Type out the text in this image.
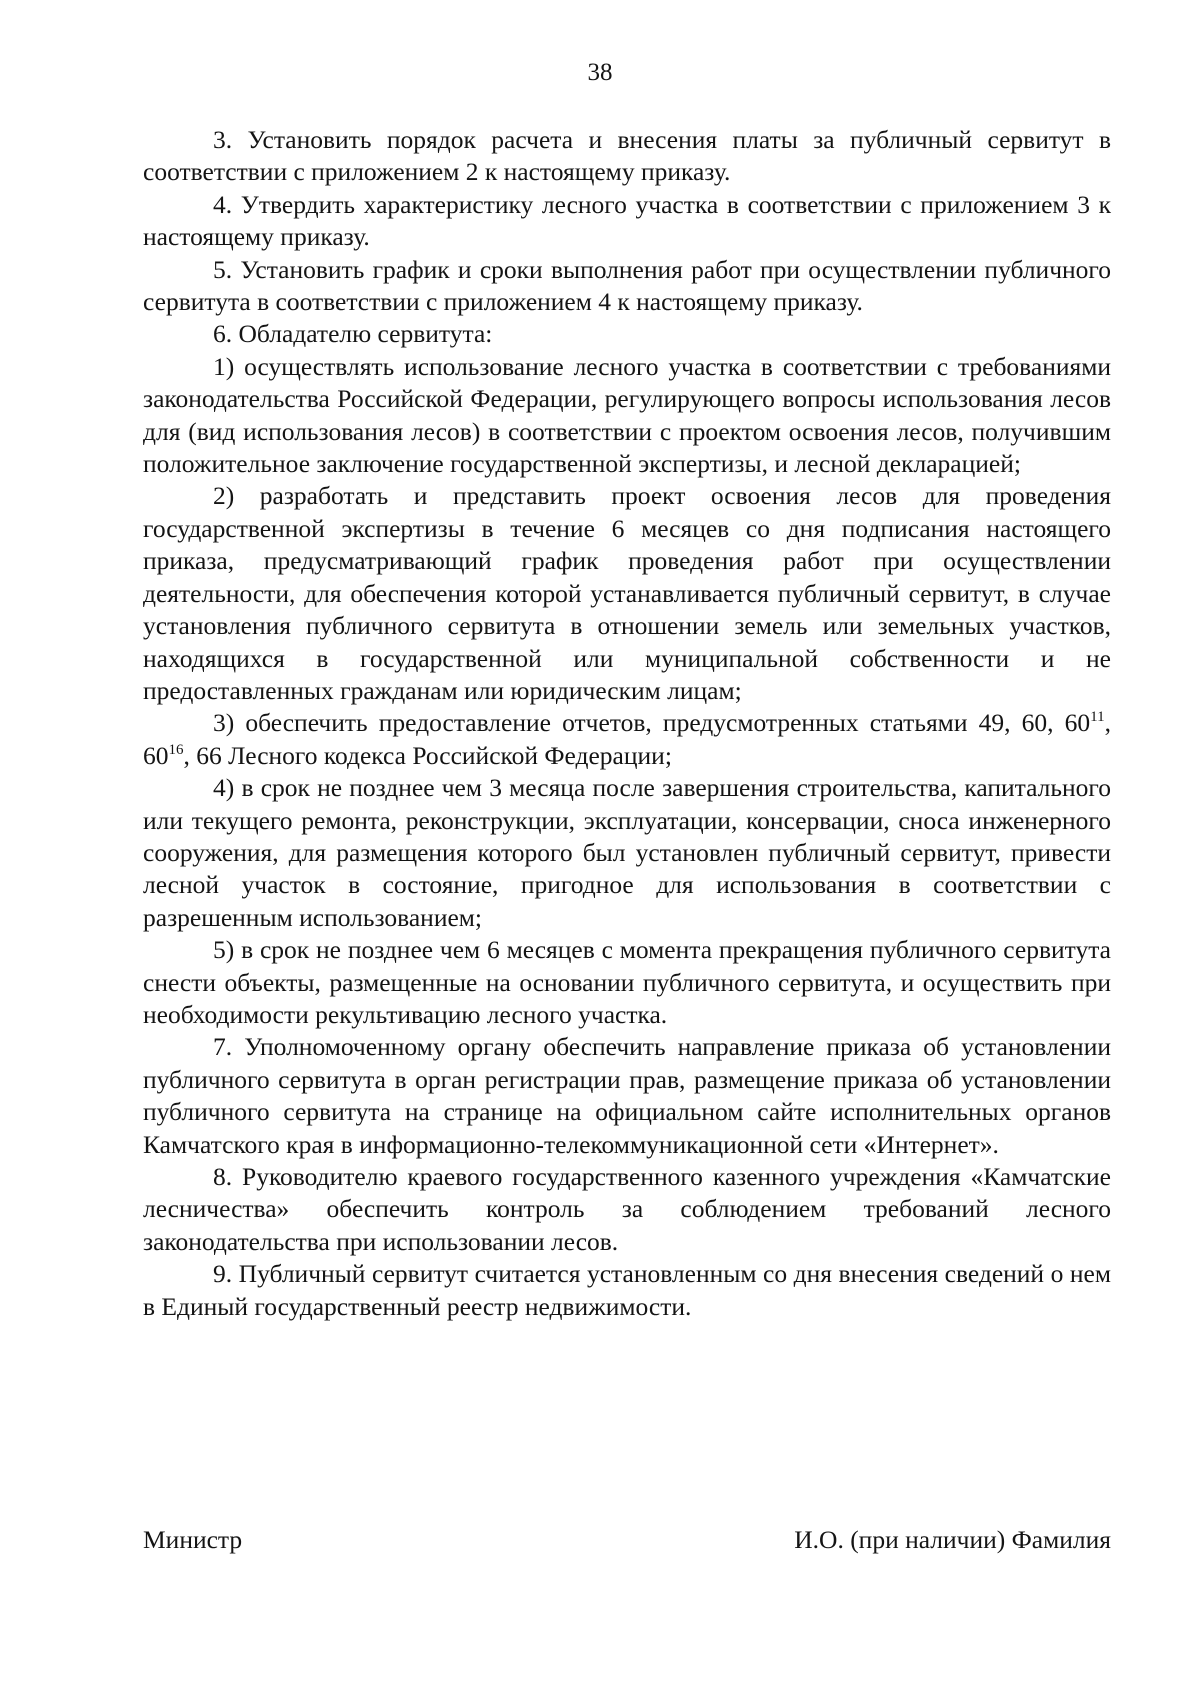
38

3. Установить порядок расчета и внесения платы за публичный сервитут в соответствии с приложением 2 к настоящему приказу.

4. Утвердить характеристику лесного участка в соответствии с приложением 3 к настоящему приказу.

5. Установить график и сроки выполнения работ при осуществлении публичного сервитута в соответствии с приложением 4 к настоящему приказу.

6. Обладателю сервитута:

1) осуществлять использование лесного участка в соответствии с требованиями законодательства Российской Федерации, регулирующего вопросы использования лесов для (вид использования лесов) в соответствии с проектом освоения лесов, получившим положительное заключение государственной экспертизы, и лесной декларацией;

2) разработать и представить проект освоения лесов для проведения государственной экспертизы в течение 6 месяцев со дня подписания настоящего приказа, предусматривающий график проведения работ при осуществлении деятельности, для обеспечения которой устанавливается публичный сервитут, в случае установления публичного сервитута в отношении земель или земельных участков, находящихся в государственной или муниципальной собственности и не предоставленных гражданам или юридическим лицам;

3) обеспечить предоставление отчетов, предусмотренных статьями 49, 60, $60^{11}$, $60^{16}$, 66 Лесного кодекса Российской Федерации;

4) в срок не позднее чем 3 месяца после завершения строительства, капитального или текущего ремонта, реконструкции, эксплуатации, консервации, сноса инженерного сооружения, для размещения которого был установлен публичный сервитут, привести лесной участок в состояние, пригодное для использования в соответствии с разрешенным использованием;

5) в срок не позднее чем 6 месяцев с момента прекращения публичного сервитута снести объекты, размещенные на основании публичного сервитута, и осуществить при необходимости рекультивацию лесного участка.

7. Уполномоченному органу обеспечить направление приказа об установлении публичного сервитута в орган регистрации прав, размещение приказа об установлении публичного сервитута на странице на официальном сайте исполнительных органов Камчатского края в информационно-телекоммуникационной сети «Интернет».

8. Руководителю краевого государственного казенного учреждения «Камчатские лесничества» обеспечить контроль за соблюдением требований лесного законодательства при использовании лесов.

9. Публичный сервитут считается установленным со дня внесения сведений о нем в Единый государственный реестр недвижимости.

Министр	И.О. (при наличии) Фамилия
